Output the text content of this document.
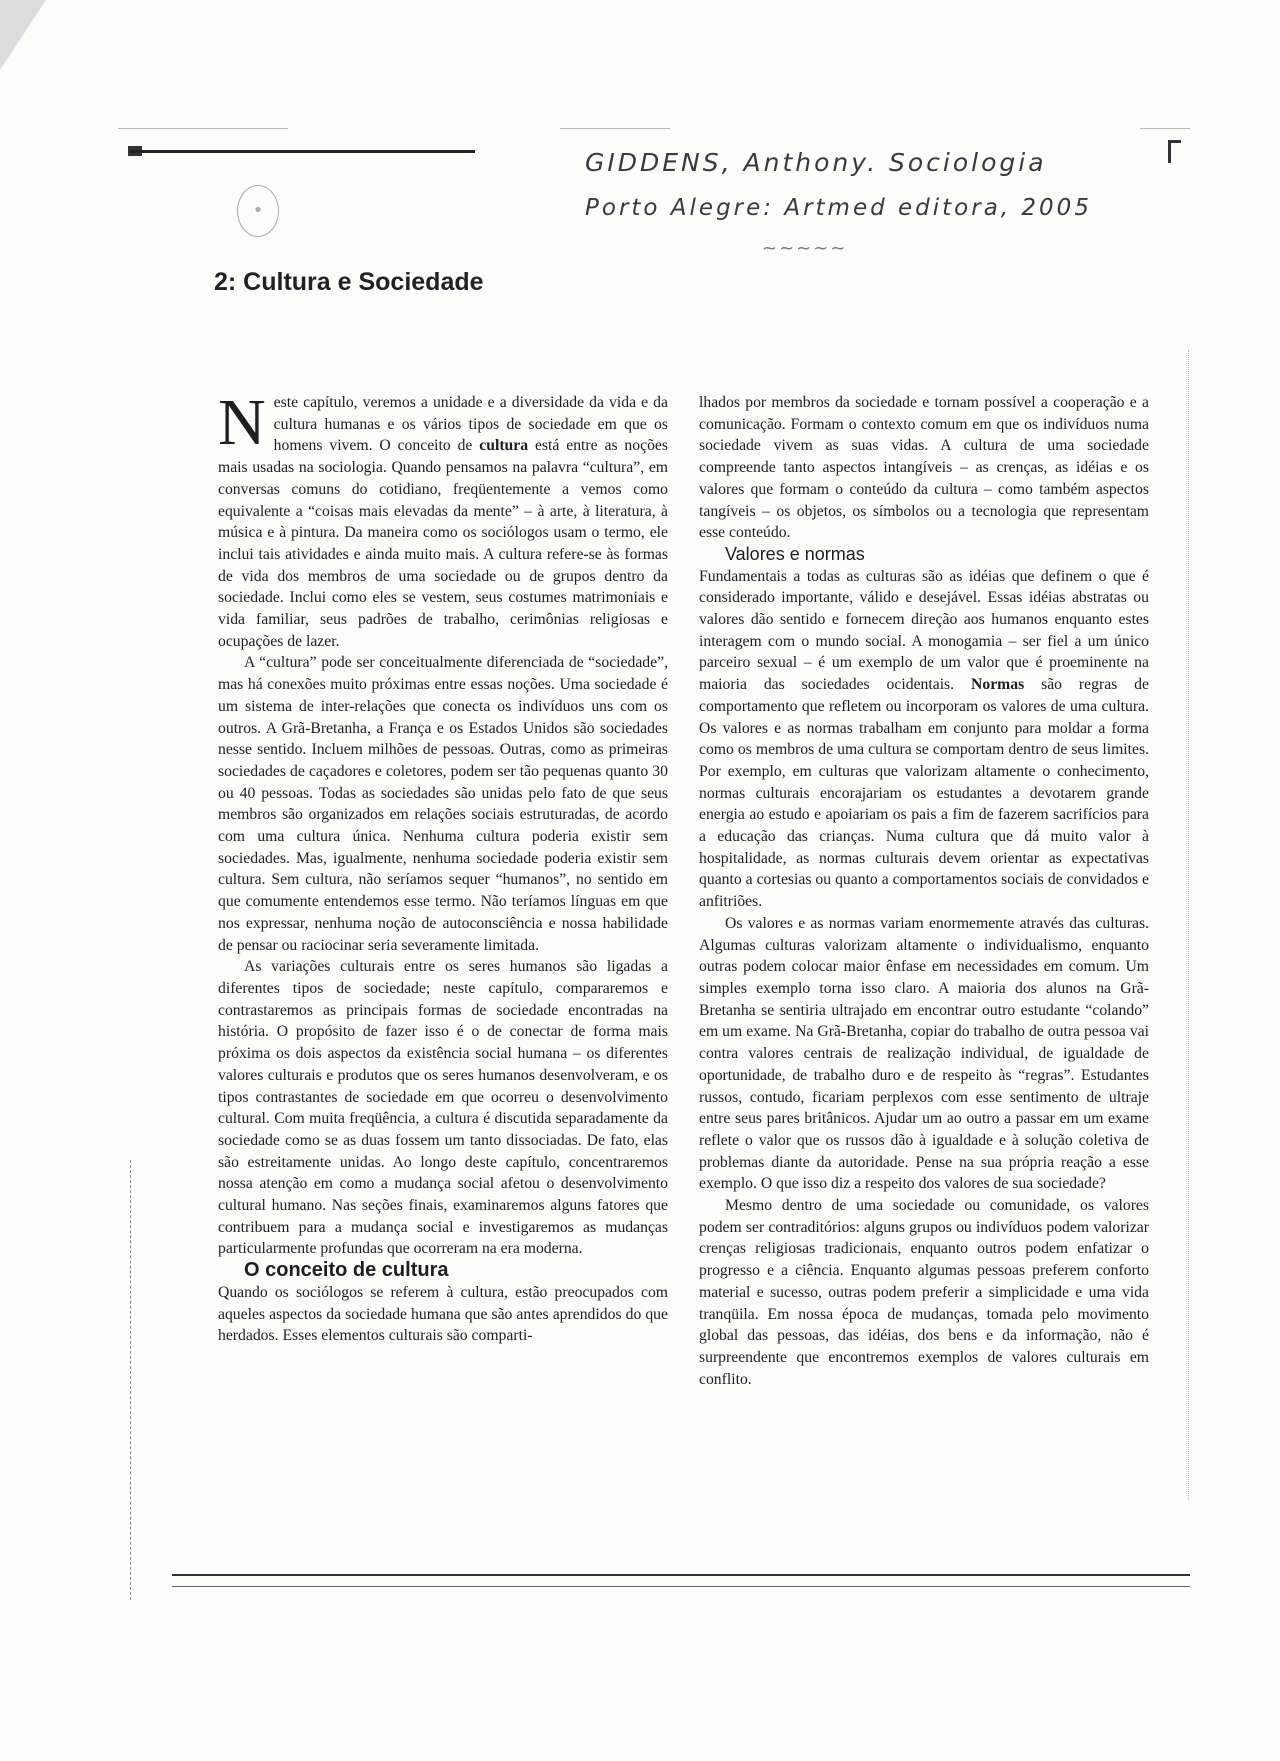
•
GIDDENS, Anthony. Sociologia
Porto Alegre: Artmed editora, 2005
~~~~~
2: Cultura e Sociedade

Neste capítulo, veremos a unidade e a diversidade da vida e da cultura humanas e os vários tipos de sociedade em que os homens vivem. O conceito de cultura está entre as noções mais usadas na sociologia. Quando pensamos na palavra “cultura”, em conversas comuns do cotidiano, freqüentemente a vemos como equivalente a “coisas mais elevadas da mente” – à arte, à literatura, à música e à pintura. Da maneira como os sociólogos usam o termo, ele inclui tais atividades e ainda muito mais. A cultura refere-se às formas de vida dos membros de uma sociedade ou de grupos dentro da sociedade. Inclui como eles se vestem, seus costumes matrimoniais e vida familiar, seus padrões de trabalho, cerimônias religiosas e ocupações de lazer.

A “cultura” pode ser conceitualmente diferenciada de “sociedade”, mas há conexões muito próximas entre essas noções. Uma sociedade é um sistema de inter-relações que conecta os indivíduos uns com os outros. A Grã-Bretanha, a França e os Estados Unidos são sociedades nesse sentido. Incluem milhões de pessoas. Outras, como as primeiras sociedades de caçadores e coletores, podem ser tão pequenas quanto 30 ou 40 pessoas. Todas as sociedades são unidas pelo fato de que seus membros são organizados em relações sociais estruturadas, de acordo com uma cultura única. Nenhuma cultura poderia existir sem sociedades. Mas, igualmente, nenhuma sociedade poderia existir sem cultura. Sem cultura, não seríamos sequer “humanos”, no sentido em que comumente entendemos esse termo. Não teríamos línguas em que nos expressar, nenhuma noção de autoconsciência e nossa habilidade de pensar ou raciocinar seria severamente limitada.

As variações culturais entre os seres humanos são ligadas a diferentes tipos de sociedade; neste capítulo, compararemos e contrastaremos as principais formas de sociedade encontradas na história. O propósito de fazer isso é o de conectar de forma mais próxima os dois aspectos da existência social humana – os diferentes valores culturais e produtos que os seres humanos desenvolveram, e os tipos contrastantes de sociedade em que ocorreu o desenvolvimento cultural. Com muita freqüência, a cultura é discutida separadamente da sociedade como se as duas fossem um tanto dissociadas. De fato, elas são estreitamente unidas. Ao longo deste capítulo, concentraremos nossa atenção em como a mudança social afetou o desenvolvimento cultural humano. Nas seções finais, examinaremos alguns fatores que contribuem para a mudança social e investigaremos as mudanças particularmente profundas que ocorreram na era moderna.

O conceito de cultura

Quando os sociólogos se referem à cultura, estão preocupados com aqueles aspectos da sociedade humana que são antes aprendidos do que herdados. Esses elementos culturais são comparti-

lhados por membros da sociedade e tornam possível a cooperação e a comunicação. Formam o contexto comum em que os indivíduos numa sociedade vivem as suas vidas. A cultura de uma sociedade compreende tanto aspectos intangíveis – as crenças, as idéias e os valores que formam o conteúdo da cultura – como também aspectos tangíveis – os objetos, os símbolos ou a tecnologia que representam esse conteúdo.

Valores e normas

Fundamentais a todas as culturas são as idéias que definem o que é considerado importante, válido e desejável. Essas idéias abstratas ou valores dão sentido e fornecem direção aos humanos enquanto estes interagem com o mundo social. A monogamia – ser fiel a um único parceiro sexual – é um exemplo de um valor que é proeminente na maioria das sociedades ocidentais. Normas são regras de comportamento que refletem ou incorporam os valores de uma cultura. Os valores e as normas trabalham em conjunto para moldar a forma como os membros de uma cultura se comportam dentro de seus limites. Por exemplo, em culturas que valorizam altamente o conhecimento, normas culturais encorajariam os estudantes a devotarem grande energia ao estudo e apoiariam os pais a fim de fazerem sacrifícios para a educação das crianças. Numa cultura que dá muito valor à hospitalidade, as normas culturais devem orientar as expectativas quanto a cortesias ou quanto a comportamentos sociais de convidados e anfitriões.

Os valores e as normas variam enormemente através das culturas. Algumas culturas valorizam altamente o individualismo, enquanto outras podem colocar maior ênfase em necessidades em comum. Um simples exemplo torna isso claro. A maioria dos alunos na Grã-Bretanha se sentiria ultrajado em encontrar outro estudante “colando” em um exame. Na Grã-Bretanha, copiar do trabalho de outra pessoa vai contra valores centrais de realização individual, de igualdade de oportunidade, de trabalho duro e de respeito às “regras”. Estudantes russos, contudo, ficariam perplexos com esse sentimento de ultraje entre seus pares britânicos. Ajudar um ao outro a passar em um exame reflete o valor que os russos dão à igualdade e à solução coletiva de problemas diante da autoridade. Pense na sua própria reação a esse exemplo. O que isso diz a respeito dos valores de sua sociedade?

Mesmo dentro de uma sociedade ou comunidade, os valores podem ser contraditórios: alguns grupos ou indivíduos podem valorizar crenças religiosas tradicionais, enquanto outros podem enfatizar o progresso e a ciência. Enquanto algumas pessoas preferem conforto material e sucesso, outras podem preferir a simplicidade e uma vida tranqüila. Em nossa época de mudanças, tomada pelo movimento global das pessoas, das idéias, dos bens e da informação, não é surpreendente que encontremos exemplos de valores culturais em conflito.
